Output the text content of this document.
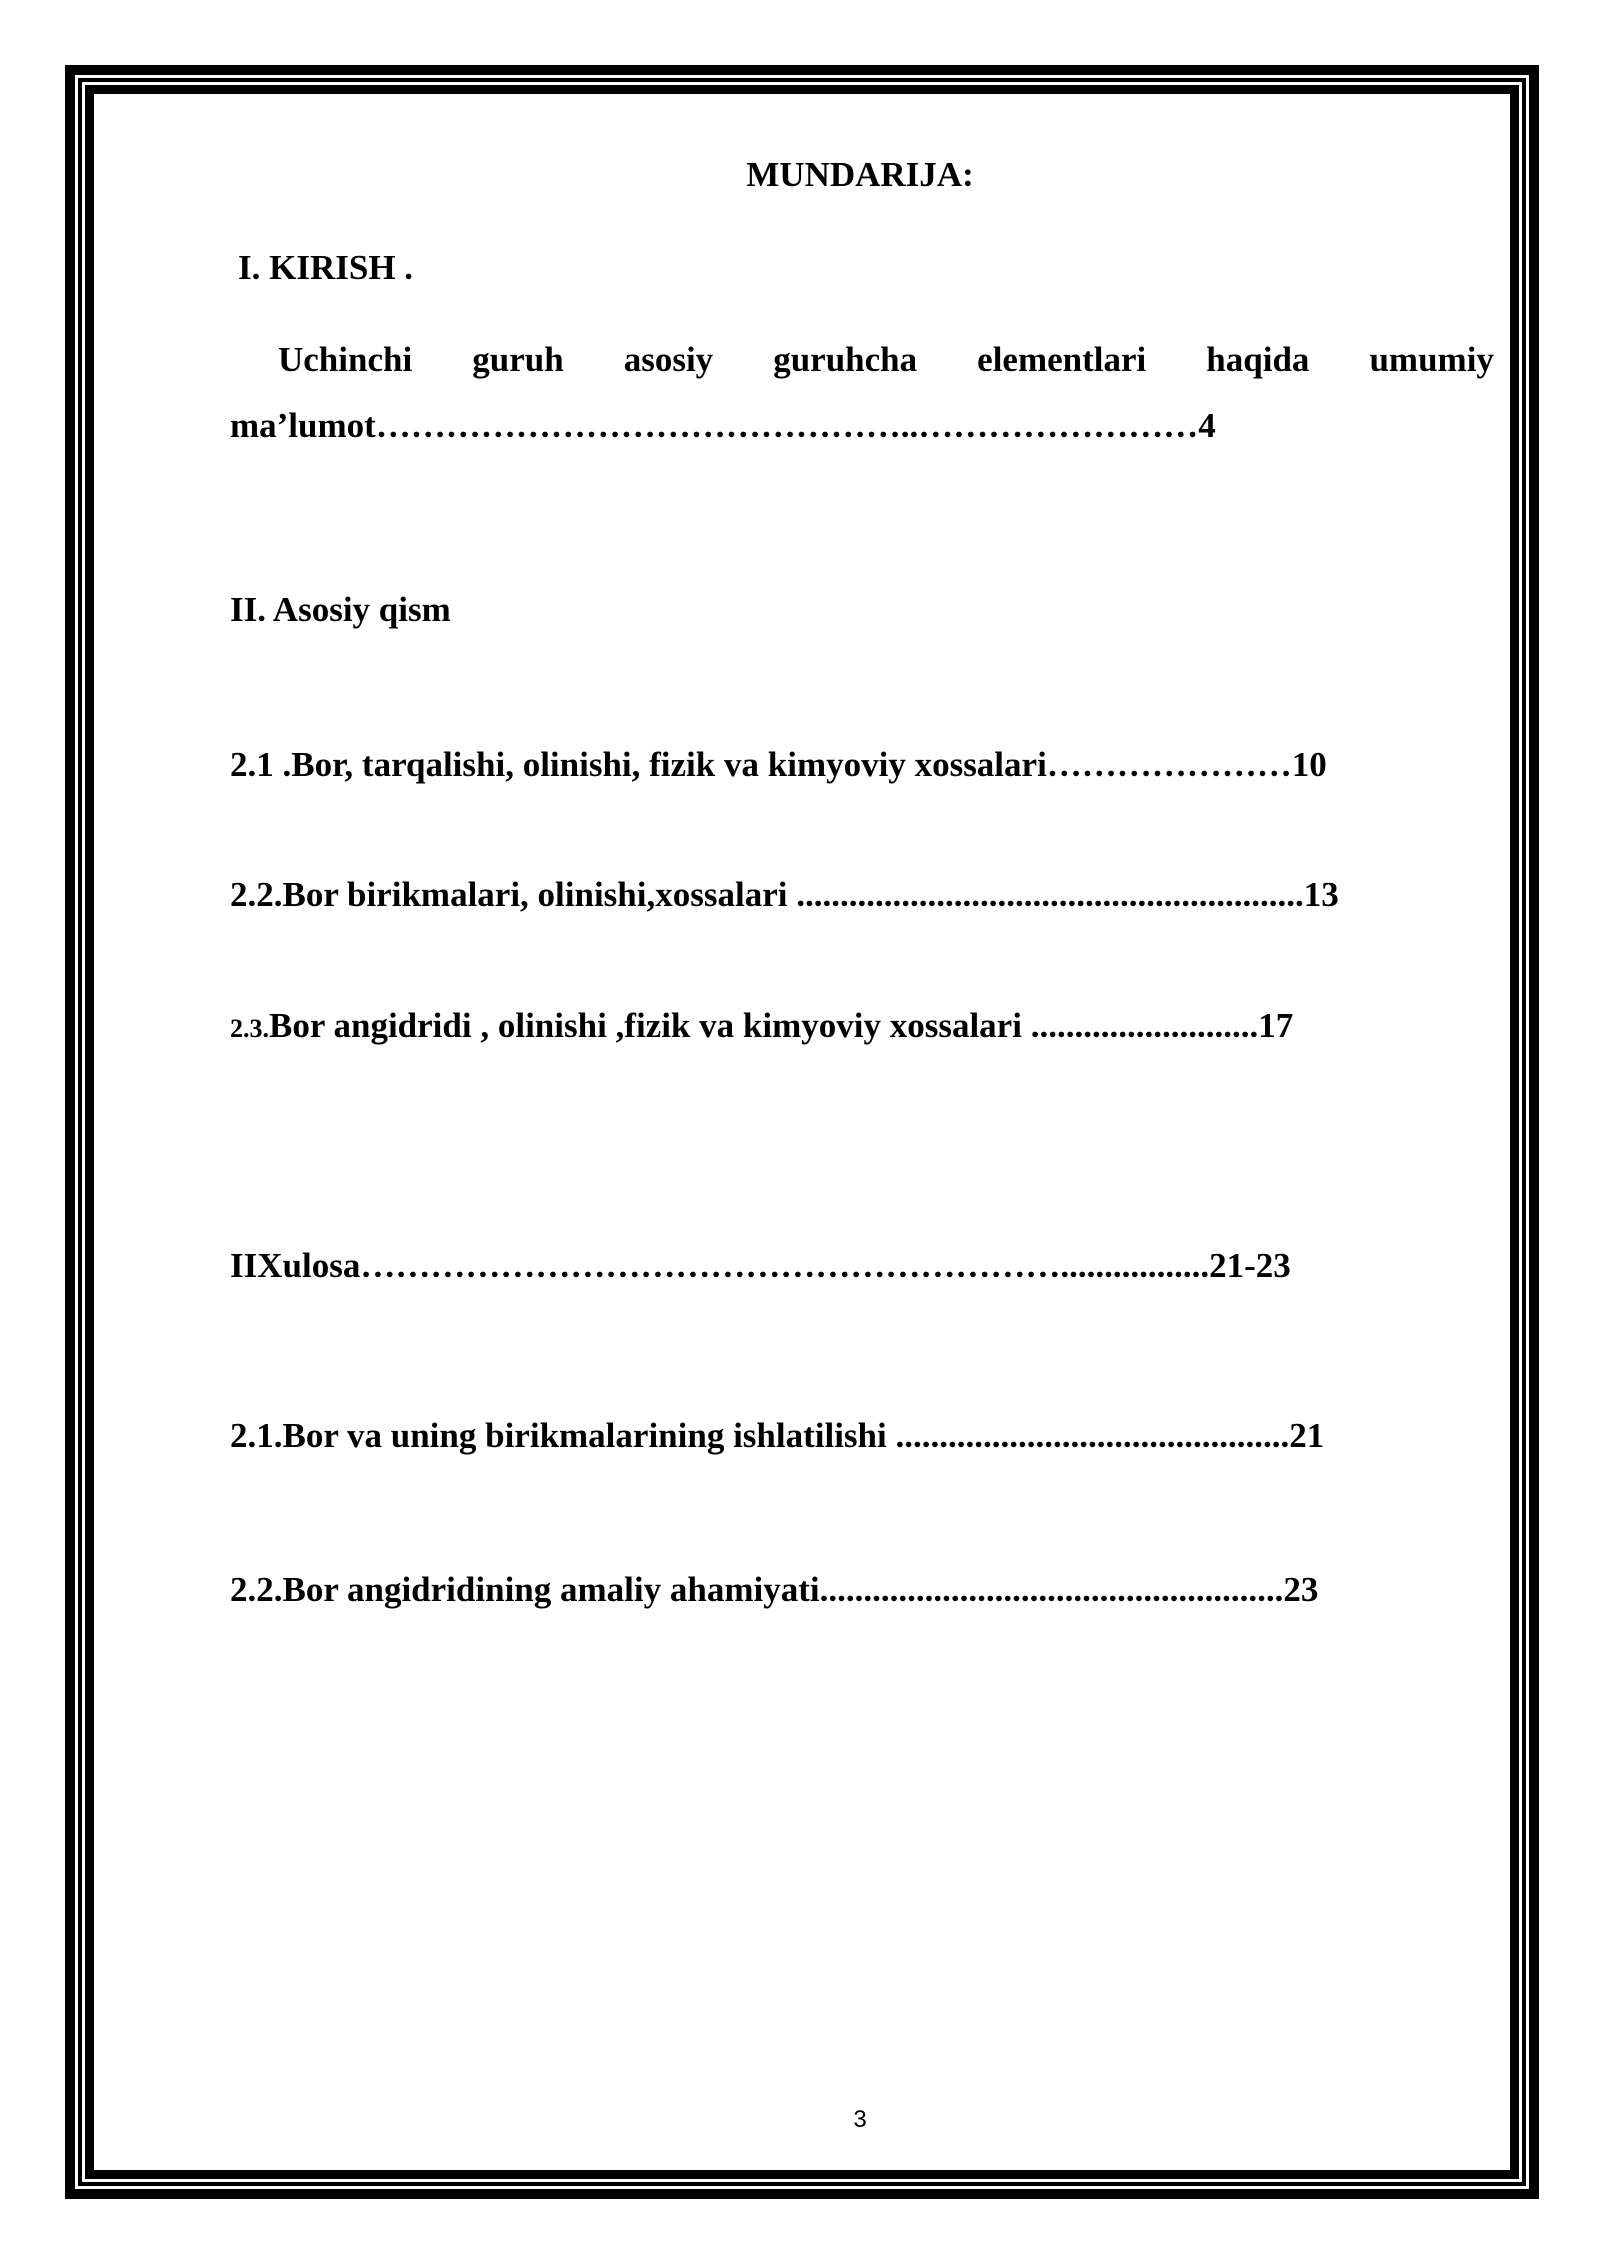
MUNDARIJA:
I. KIRISH .
Uchinchi guruh asosiy guruhcha elementlari haqida umumiy
ma’lumot………………………………………..……………………4
II. Asosiy qism
2.1 .Bor, tarqalishi, olinishi, fizik va kimyoviy xossalari…………………10
2.2.Bor birikmalari, olinishi,xossalari ..........................................................13
2.3.Bor angidridi , olinishi ,fizik va kimyoviy xossalari ..........................17
IIXulosa…………………………………………………….................21-23
2.1.Bor va uning birikmalarining ishlatilishi .............................................21
2.2.Bor angidridining amaliy ahamiyati.....................................................23
3
